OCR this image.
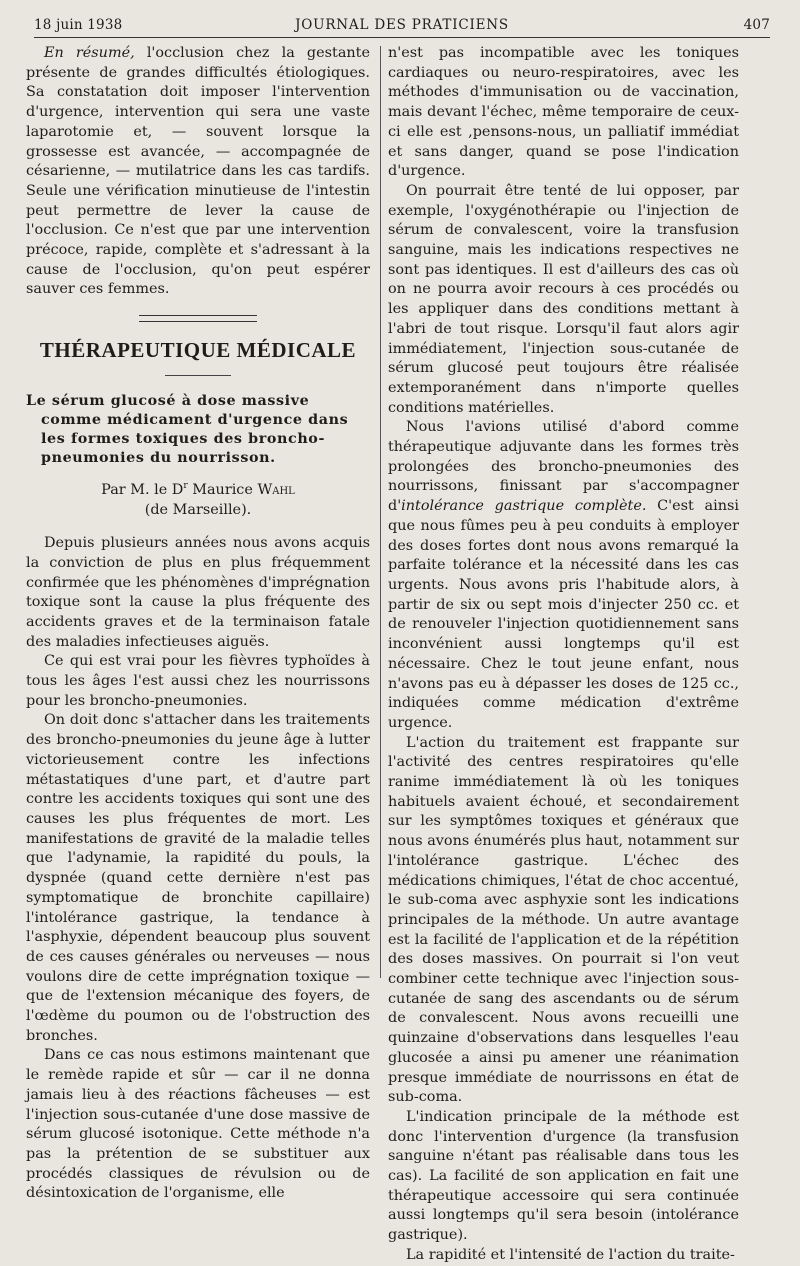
18 juin 1938	JOURNAL DES PRATICIENS	407

En résumé, l'occlusion chez la gestante présente de grandes difficultés étiologiques. Sa constatation doit imposer l'intervention d'urgence, intervention qui sera une vaste laparotomie et, — souvent lorsque la grossesse est avancée, — accompagnée de césarienne, — mutilatrice dans les cas tardifs. Seule une vérification minutieuse de l'intestin peut permettre de lever la cause de l'occlusion. Ce n'est que par une intervention précoce, rapide, complète et s'adressant à la cause de l'occlusion, qu'on peut espérer sauver ces femmes.

THÉRAPEUTIQUE MÉDICALE
Le sérum glucosé à dose massive comme médicament d'urgence dans les formes toxiques des broncho-pneumonies du nourrisson.
Par M. le $D^r$ Maurice Wahl
(de Marseille).

Depuis plusieurs années nous avons acquis la conviction de plus en plus fréquemment confirmée que les phénomènes d'imprégnation toxique sont la cause la plus fréquente des accidents graves et de la terminaison fatale des maladies infectieuses aiguës.

Ce qui est vrai pour les fièvres typhoïdes à tous les âges l'est aussi chez les nourrissons pour les broncho-pneumonies.

On doit donc s'attacher dans les traitements des broncho-pneumonies du jeune âge à lutter victorieusement contre les infections métastatiques d'une part, et d'autre part contre les accidents toxiques qui sont une des causes les plus fréquentes de mort. Les manifestations de gravité de la maladie telles que l'adynamie, la rapidité du pouls, la dyspnée (quand cette dernière n'est pas symptomatique de bronchite capillaire) l'intolérance gastrique, la tendance à l'asphyxie, dépendent beaucoup plus souvent de ces causes générales ou nerveuses — nous voulons dire de cette imprégnation toxique — que de l'extension mécanique des foyers, de l'œdème du poumon ou de l'obstruction des bronches.

Dans ce cas nous estimons maintenant que le remède rapide et sûr — car il ne donna jamais lieu à des réactions fâcheuses — est l'injection sous-cutanée d'une dose massive de sérum glucosé isotonique. Cette méthode n'a pas la prétention de se substituer aux procédés classiques de révulsion ou de désintoxication de l'organisme, elle

n'est pas incompatible avec les toniques cardiaques ou neuro-respiratoires, avec les méthodes d'immunisation ou de vaccination, mais devant l'échec, même temporaire de ceux-ci elle est ,pensons-nous, un palliatif immédiat et sans danger, quand se pose l'indication d'urgence.

On pourrait être tenté de lui opposer, par exemple, l'oxygénothérapie ou l'injection de sérum de convalescent, voire la transfusion sanguine, mais les indications respectives ne sont pas identiques. Il est d'ailleurs des cas où on ne pourra avoir recours à ces procédés ou les appliquer dans des conditions mettant à l'abri de tout risque. Lorsqu'il faut alors agir immédiatement, l'injection sous-cutanée de sérum glucosé peut toujours être réalisée extemporanément dans n'importe quelles conditions matérielles.

Nous l'avions utilisé d'abord comme thérapeutique adjuvante dans les formes très prolongées des broncho-pneumonies des nourrissons, finissant par s'accompagner d'intolérance gastrique complète. C'est ainsi que nous fûmes peu à peu conduits à employer des doses fortes dont nous avons remarqué la parfaite tolérance et la nécessité dans les cas urgents. Nous avons pris l'habitude alors, à partir de six ou sept mois d'injecter 250 cc. et de renouveler l'injection quotidiennement sans inconvénient aussi longtemps qu'il est nécessaire. Chez le tout jeune enfant, nous n'avons pas eu à dépasser les doses de 125 cc., indiquées comme médication d'extrême urgence.

L'action du traitement est frappante sur l'activité des centres respiratoires qu'elle ranime immédiatement là où les toniques habituels avaient échoué, et secondairement sur les symptômes toxiques et généraux que nous avons énumérés plus haut, notamment sur l'intolérance gastrique. L'échec des médications chimiques, l'état de choc accentué, le sub-coma avec asphyxie sont les indications principales de la méthode. Un autre avantage est la facilité de l'application et de la répétition des doses massives. On pourrait si l'on veut combiner cette technique avec l'injection sous-cutanée de sang des ascendants ou de sérum de convalescent. Nous avons recueilli une quinzaine d'observations dans lesquelles l'eau glucosée a ainsi pu amener une réanimation presque immédiate de nourrissons en état de sub-coma.

L'indication principale de la méthode est donc l'intervention d'urgence (la transfusion sanguine n'étant pas réalisable dans tous les cas). La facilité de son application en fait une thérapeutique accessoire qui sera continuée aussi longtemps qu'il sera besoin (intolérance gastrique).

La rapidité et l'intensité de l'action du traite-
